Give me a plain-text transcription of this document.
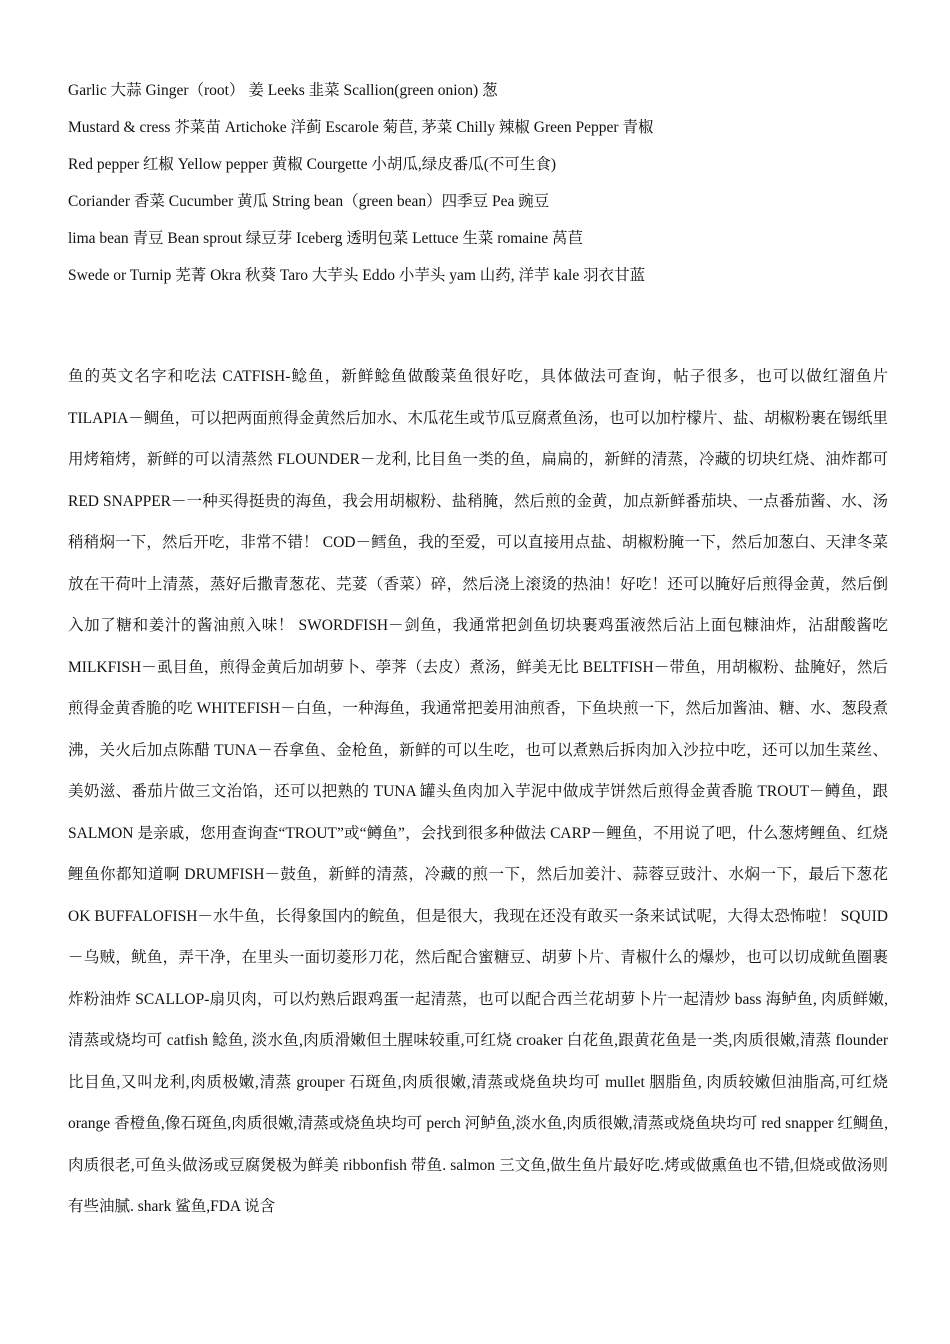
Garlic 大蒜 Ginger（root） 姜 Leeks 韭菜 Scallion(green onion) 葱

Mustard & cress 芥菜苗 Artichoke 洋蓟 Escarole 菊苣, 茅菜 Chilly 辣椒 Green Pepper 青椒

Red pepper 红椒 Yellow pepper 黄椒 Courgette 小胡瓜,绿皮番瓜(不可生食)

Coriander 香菜 Cucumber 黄瓜 String bean（green bean）四季豆 Pea 豌豆

lima bean 青豆 Bean sprout 绿豆芽 Iceberg 透明包菜 Lettuce 生菜 romaine 莴苣

Swede or Turnip 芜菁 Okra 秋葵 Taro 大芋头 Eddo 小芋头 yam 山药, 洋芋 kale 羽衣甘蓝

鱼的英文名字和吃法 CATFISH-鲶鱼，新鲜鲶鱼做酸菜鱼很好吃，具体做法可查询，帖子很多，也可以做红溜鱼片 TILAPIA－鲷鱼，可以把两面煎得金黄然后加水、木瓜花生或节瓜豆腐煮鱼汤，也可以加柠檬片、盐、胡椒粉裹在锡纸里用烤箱烤，新鲜的可以清蒸然 FLOUNDER－龙利, 比目鱼一类的鱼，扁扁的，新鲜的清蒸，冷藏的切块红烧、油炸都可 RED SNAPPER－一种买得挺贵的海鱼，我会用胡椒粉、盐稍腌，然后煎的金黄，加点新鲜番茄块、一点番茄酱、水、汤稍稍焖一下，然后开吃，非常不错！ COD－鳕鱼，我的至爱，可以直接用点盐、胡椒粉腌一下，然后加葱白、天津冬菜放在干荷叶上清蒸，蒸好后撒青葱花、芫荽（香菜）碎，然后浇上滚烫的热油！好吃！还可以腌好后煎得金黄，然后倒入加了糖和姜汁的酱油煎入味！ SWORDFISH－剑鱼，我通常把剑鱼切块裹鸡蛋液然后沾上面包糠油炸，沾甜酸酱吃 MILKFISH－虱目鱼，煎得金黄后加胡萝卜、荸荠（去皮）煮汤，鲜美无比 BELTFISH－带鱼，用胡椒粉、盐腌好，然后煎得金黄香脆的吃 WHITEFISH－白鱼，一种海鱼，我通常把姜用油煎香，下鱼块煎一下，然后加酱油、糖、水、葱段煮沸，关火后加点陈醋 TUNA－吞拿鱼、金枪鱼，新鲜的可以生吃，也可以煮熟后拆肉加入沙拉中吃，还可以加生菜丝、美奶滋、番茄片做三文治馅，还可以把熟的 TUNA 罐头鱼肉加入芋泥中做成芋饼然后煎得金黄香脆 TROUT－鳟鱼，跟 SALMON 是亲戚，您用查询查“TROUT”或“鳟鱼”，会找到很多种做法 CARP－鲤鱼，不用说了吧，什么葱烤鲤鱼、红烧鲤鱼你都知道啊 DRUMFISH－鼓鱼，新鲜的清蒸，冷藏的煎一下，然后加姜汁、蒜蓉豆豉汁、水焖一下，最后下葱花 OK BUFFALOFISH－水牛鱼，长得象国内的鲩鱼，但是很大，我现在还没有敢买一条来试试呢，大得太恐怖啦！ SQUID－乌贼，鱿鱼，弄干净，在里头一面切菱形刀花，然后配合蜜糖豆、胡萝卜片、青椒什么的爆炒，也可以切成鱿鱼圈裹炸粉油炸 SCALLOP-扇贝肉，可以灼熟后跟鸡蛋一起清蒸，也可以配合西兰花胡萝卜片一起清炒 bass 海鲈鱼, 肉质鲜嫩, 清蒸或烧均可 catfish 鲶鱼, 淡水鱼,肉质滑嫩但土腥味较重,可红烧 croaker 白花鱼,跟黄花鱼是一类,肉质很嫩,清蒸 flounder 比目鱼,又叫龙利,肉质极嫩,清蒸 grouper 石斑鱼,肉质很嫩,清蒸或烧鱼块均可 mullet 胭脂鱼, 肉质较嫩但油脂高,可红烧 orange 香橙鱼,像石斑鱼,肉质很嫩,清蒸或烧鱼块均可 perch 河鲈鱼,淡水鱼,肉质很嫩,清蒸或烧鱼块均可 red snapper 红鲷鱼,肉质很老,可鱼头做汤或豆腐煲极为鲜美 ribbonfish 带鱼. salmon 三文鱼,做生鱼片最好吃.烤或做熏鱼也不错,但烧或做汤则有些油腻. shark 鲨鱼,FDA 说含
